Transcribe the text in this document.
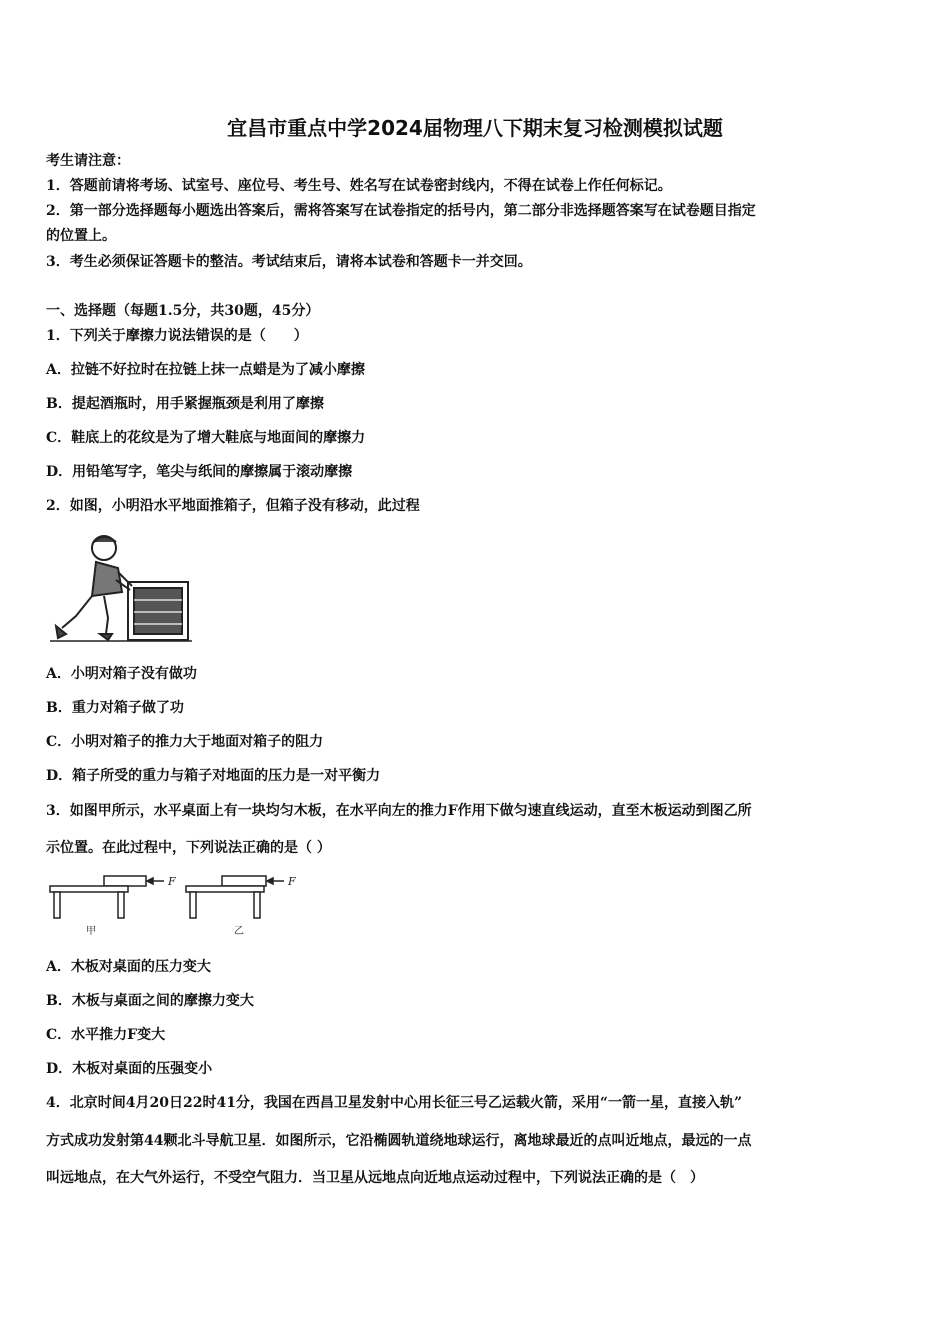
宜昌市重点中学2024届物理八下期末复习检测模拟试题
考生请注意：
1．答题前请将考场、试室号、座位号、考生号、姓名写在试卷密封线内，不得在试卷上作任何标记。
2．第一部分选择题每小题选出答案后，需将答案写在试卷指定的括号内，第二部分非选择题答案写在试卷题目指定
的位置上。
3．考生必须保证答题卡的整洁。考试结束后，请将本试卷和答题卡一并交回。
一、选择题（每题1.5分，共30题，45分）
1．下列关于摩擦力说法错误的是（　　）
A．拉链不好拉时在拉链上抹一点蜡是为了减小摩擦
B．提起酒瓶时，用手紧握瓶颈是利用了摩擦
C．鞋底上的花纹是为了增大鞋底与地面间的摩擦力
D．用铅笔写字，笔尖与纸间的摩擦属于滚动摩擦
2．如图，小明沿水平地面推箱子，但箱子没有移动，此过程
A．小明对箱子没有做功
B．重力对箱子做了功
C．小明对箱子的推力大于地面对箱子的阻力
D．箱子所受的重力与箱子对地面的压力是一对平衡力
3．如图甲所示，水平桌面上有一块均匀木板，在水平向左的推力F作用下做匀速直线运动，直至木板运动到图乙所
示位置。在此过程中，下列说法正确的是（ ）
F
甲
F
乙
A．木板对桌面的压力变大
B．木板与桌面之间的摩擦力变大
C．水平推力F变大
D．木板对桌面的压强变小
4．北京时间4月20日22时41分，我国在西昌卫星发射中心用长征三号乙运载火箭，采用“一箭一星，直接入轨”
方式成功发射第44颗北斗导航卫星．如图所示，它沿椭圆轨道绕地球运行，离地球最近的点叫近地点，最远的一点
叫远地点，在大气外运行，不受空气阻力．当卫星从远地点向近地点运动过程中，下列说法正确的是（　）
